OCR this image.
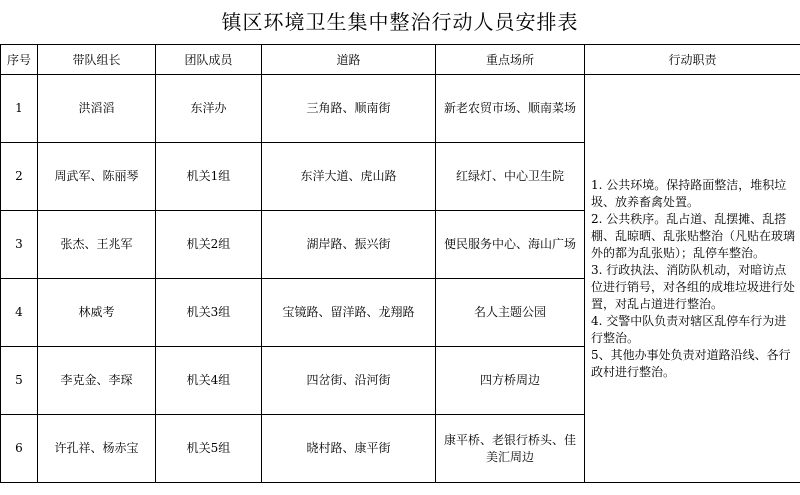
镇区环境卫生集中整治行动人员安排表
序号	带队组长	团队成员	道路	重点场所	行动职责
1	洪滔滔	东洋办	三角路、顺南街	新老农贸市场、顺南菜场	1. 公共环境。保持路面整洁，堆积垃圾、放养畜禽处置。
2. 公共秩序。乱占道、乱摆摊、乱搭棚、乱晾晒、乱张贴整治（凡贴在玻璃外的都为乱张贴）；乱停车整治。
3. 行政执法、消防队机动，对暗访点位进行销号，对各组的成堆垃圾进行处置，对乱占道进行整治。
4. 交警中队负责对辖区乱停车行为进行整治。
5、其他办事处负责对道路沿线、各行政村进行整治。

2	周武军、陈丽琴	机关1组	东洋大道、虎山路	红绿灯、中心卫生院	
3	张杰、王兆军	机关2组	湖岸路、振兴街	便民服务中心、海山广场	
4	林威考	机关3组	宝镜路、留洋路、龙翔路	名人主题公园	
5	李克金、李琛	机关4组	四岔街、沿河街	四方桥周边	
6	许孔祥、杨赤宝	机关5组	晓村路、康平街	康平桥、老银行桥头、佳美汇周边	
